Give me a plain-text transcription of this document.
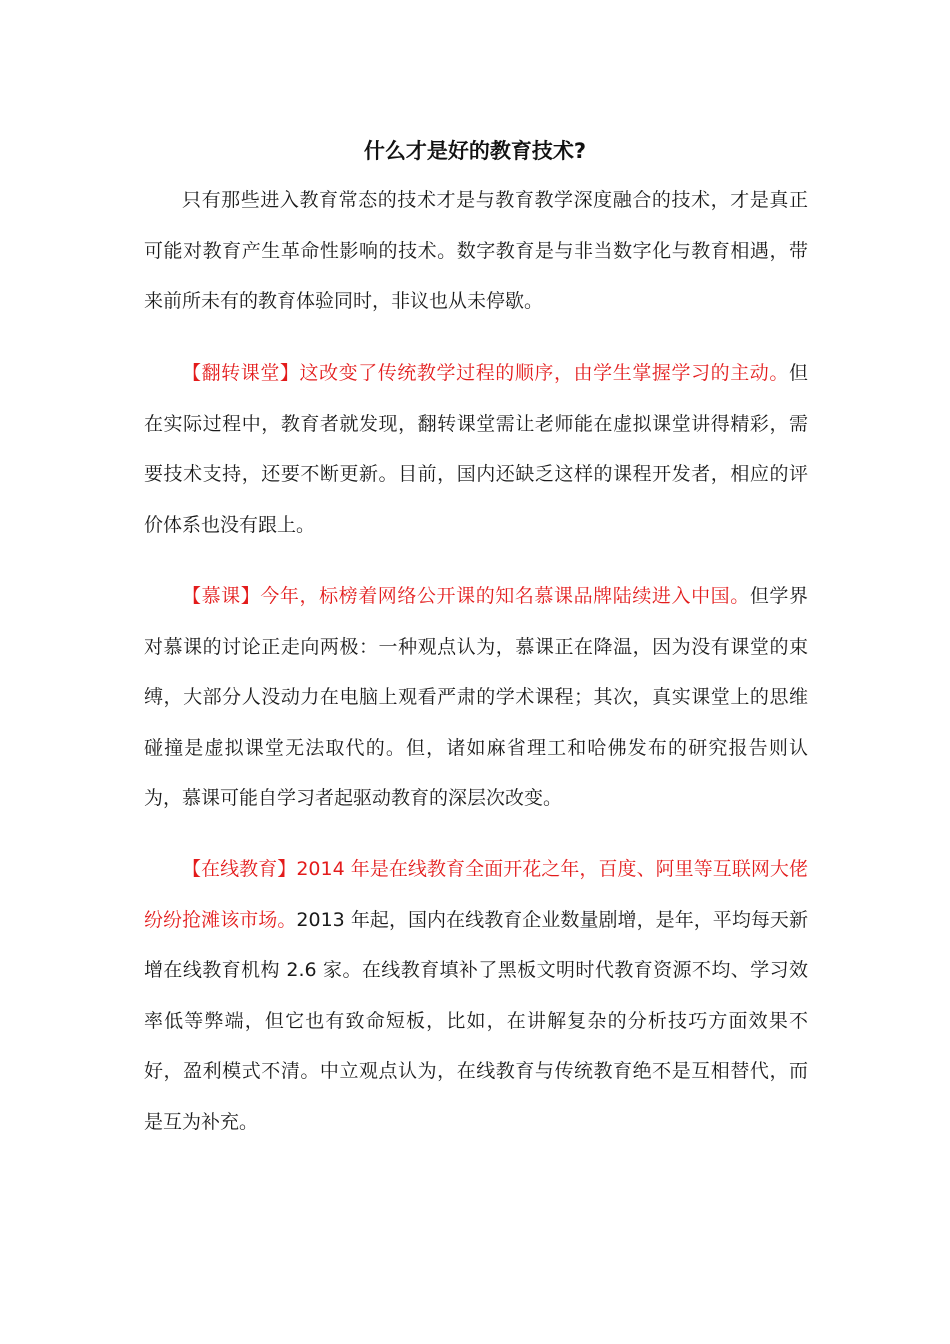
什么才是好的教育技术?

只有那些进入教育常态的技术才是与教育教学深度融合的技术，才是真正可能对教育产生革命性影响的技术。数字教育是与非当数字化与教育相遇，带来前所未有的教育体验同时，非议也从未停歇。

【翻转课堂】这改变了传统教学过程的顺序，由学生掌握学习的主动。但在实际过程中，教育者就发现，翻转课堂需让老师能在虚拟课堂讲得精彩，需要技术支持，还要不断更新。目前，国内还缺乏这样的课程开发者，相应的评价体系也没有跟上。

【慕课】今年，标榜着网络公开课的知名慕课品牌陆续进入中国。但学界对慕课的讨论正走向两极：一种观点认为，慕课正在降温，因为没有课堂的束缚，大部分人没动力在电脑上观看严肃的学术课程；其次，真实课堂上的思维碰撞是虚拟课堂无法取代的。但，诸如麻省理工和哈佛发布的研究报告则认为，慕课可能自学习者起驱动教育的深层次改变。

【在线教育】2014 年是在线教育全面开花之年，百度、阿里等互联网大佬纷纷抢滩该市场。2013 年起，国内在线教育企业数量剧增，是年，平均每天新增在线教育机构 2.6 家。在线教育填补了黑板文明时代教育资源不均、学习效率低等弊端，但它也有致命短板，比如，在讲解复杂的分析技巧方面效果不好，盈利模式不清。中立观点认为，在线教育与传统教育绝不是互相替代，而是互为补充。
